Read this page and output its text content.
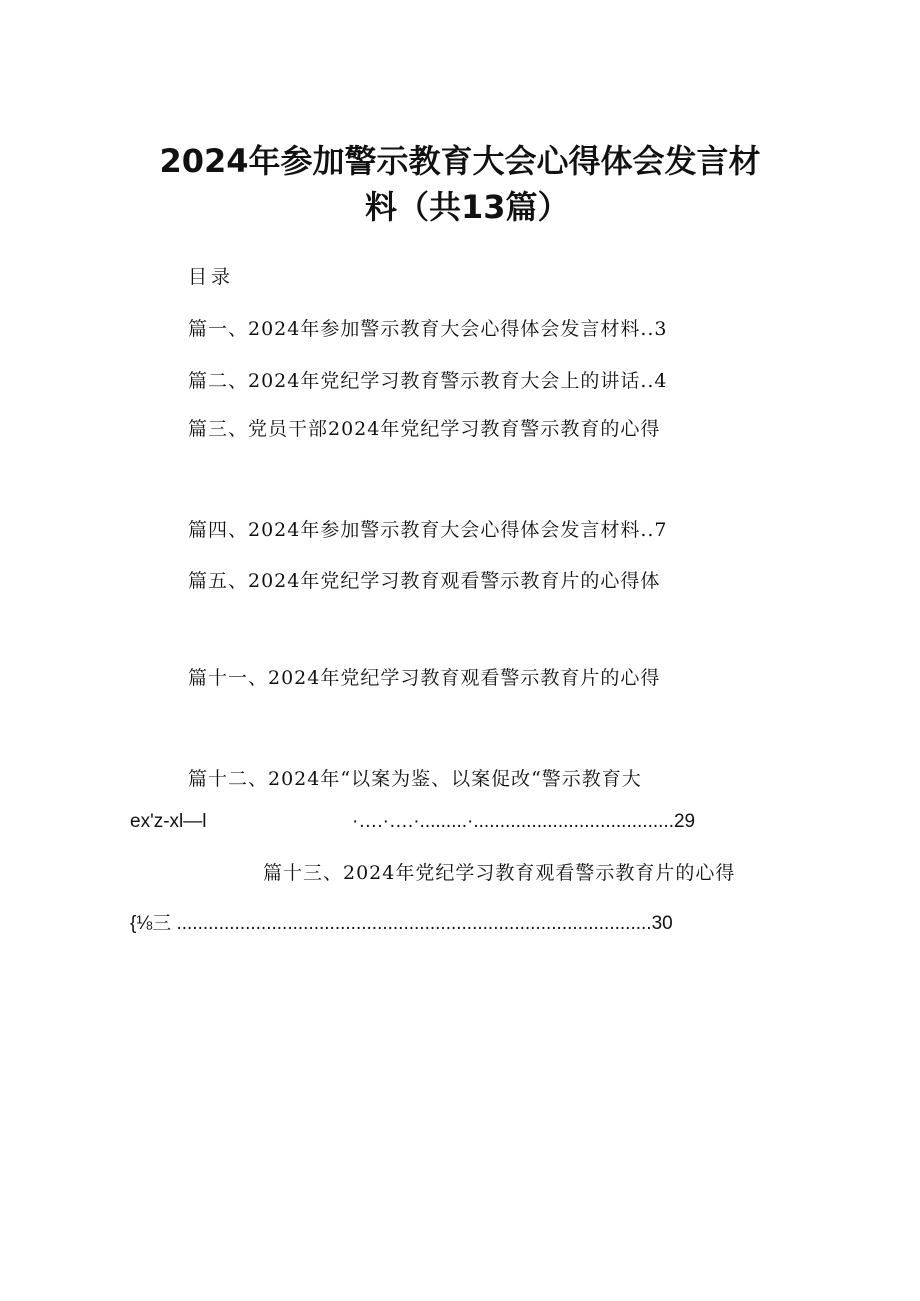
2024年参加警示教育大会心得体会发言材
料（共13篇）
目录
篇一、2024年参加警示教育大会心得体会发言材料..3
篇二、2024年党纪学习教育警示教育大会上的讲话..4
篇三、党员干部2024年党纪学习教育警示教育的心得
篇四、2024年参加警示教育大会心得体会发言材料..7
篇五、2024年党纪学习教育观看警示教育片的心得体
篇十一、2024年党纪学习教育观看警示教育片的心得
篇十二、2024年“以案为鉴、以案促改“警示教育大
ex'z-xl—l	·….·….·.........·......................................29
篇十三、2024年党纪学习教育观看警示教育片的心得
{⅛三 ..........................................................................................30
